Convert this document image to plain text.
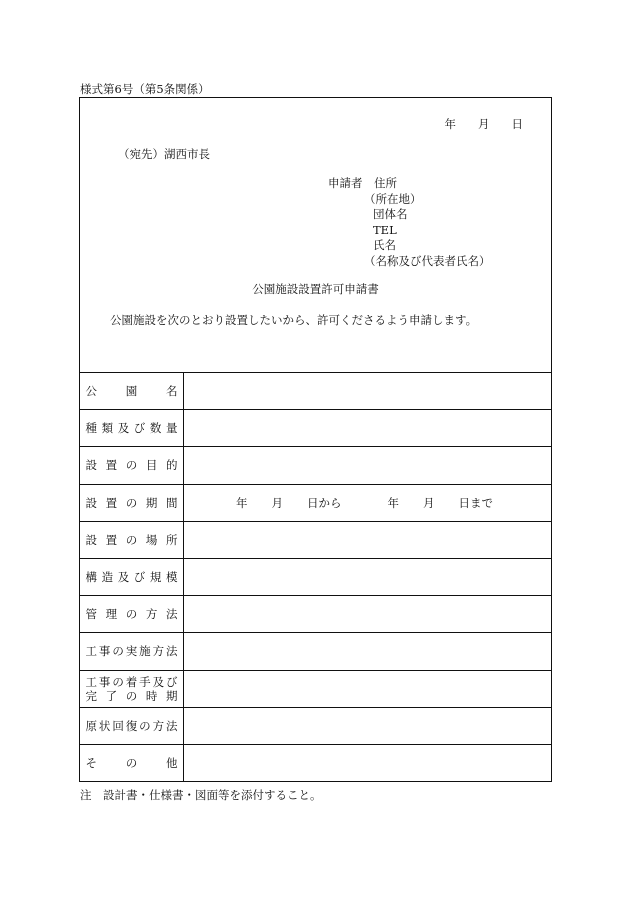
様式第6号（第5条関係）
年 月 日
（宛先）湖西市長
申請者　 住所
（所在地）
団体名
TEL
氏名
（名称及び代表者氏名）
公園施設設置許可申請書
公園施設を次のとおり設置したいから、許可くださるよう申請します。
公園名
種類及び数量
設置の目的
設置の期間	年 月 日から	年 月 日まで
設置の場所
構造及び規模
管理の方法
工事の実施方法
工事の着手及び
完了の時期
原状回復の方法
その他
注　設計書・仕様書・図面等を添付すること。
